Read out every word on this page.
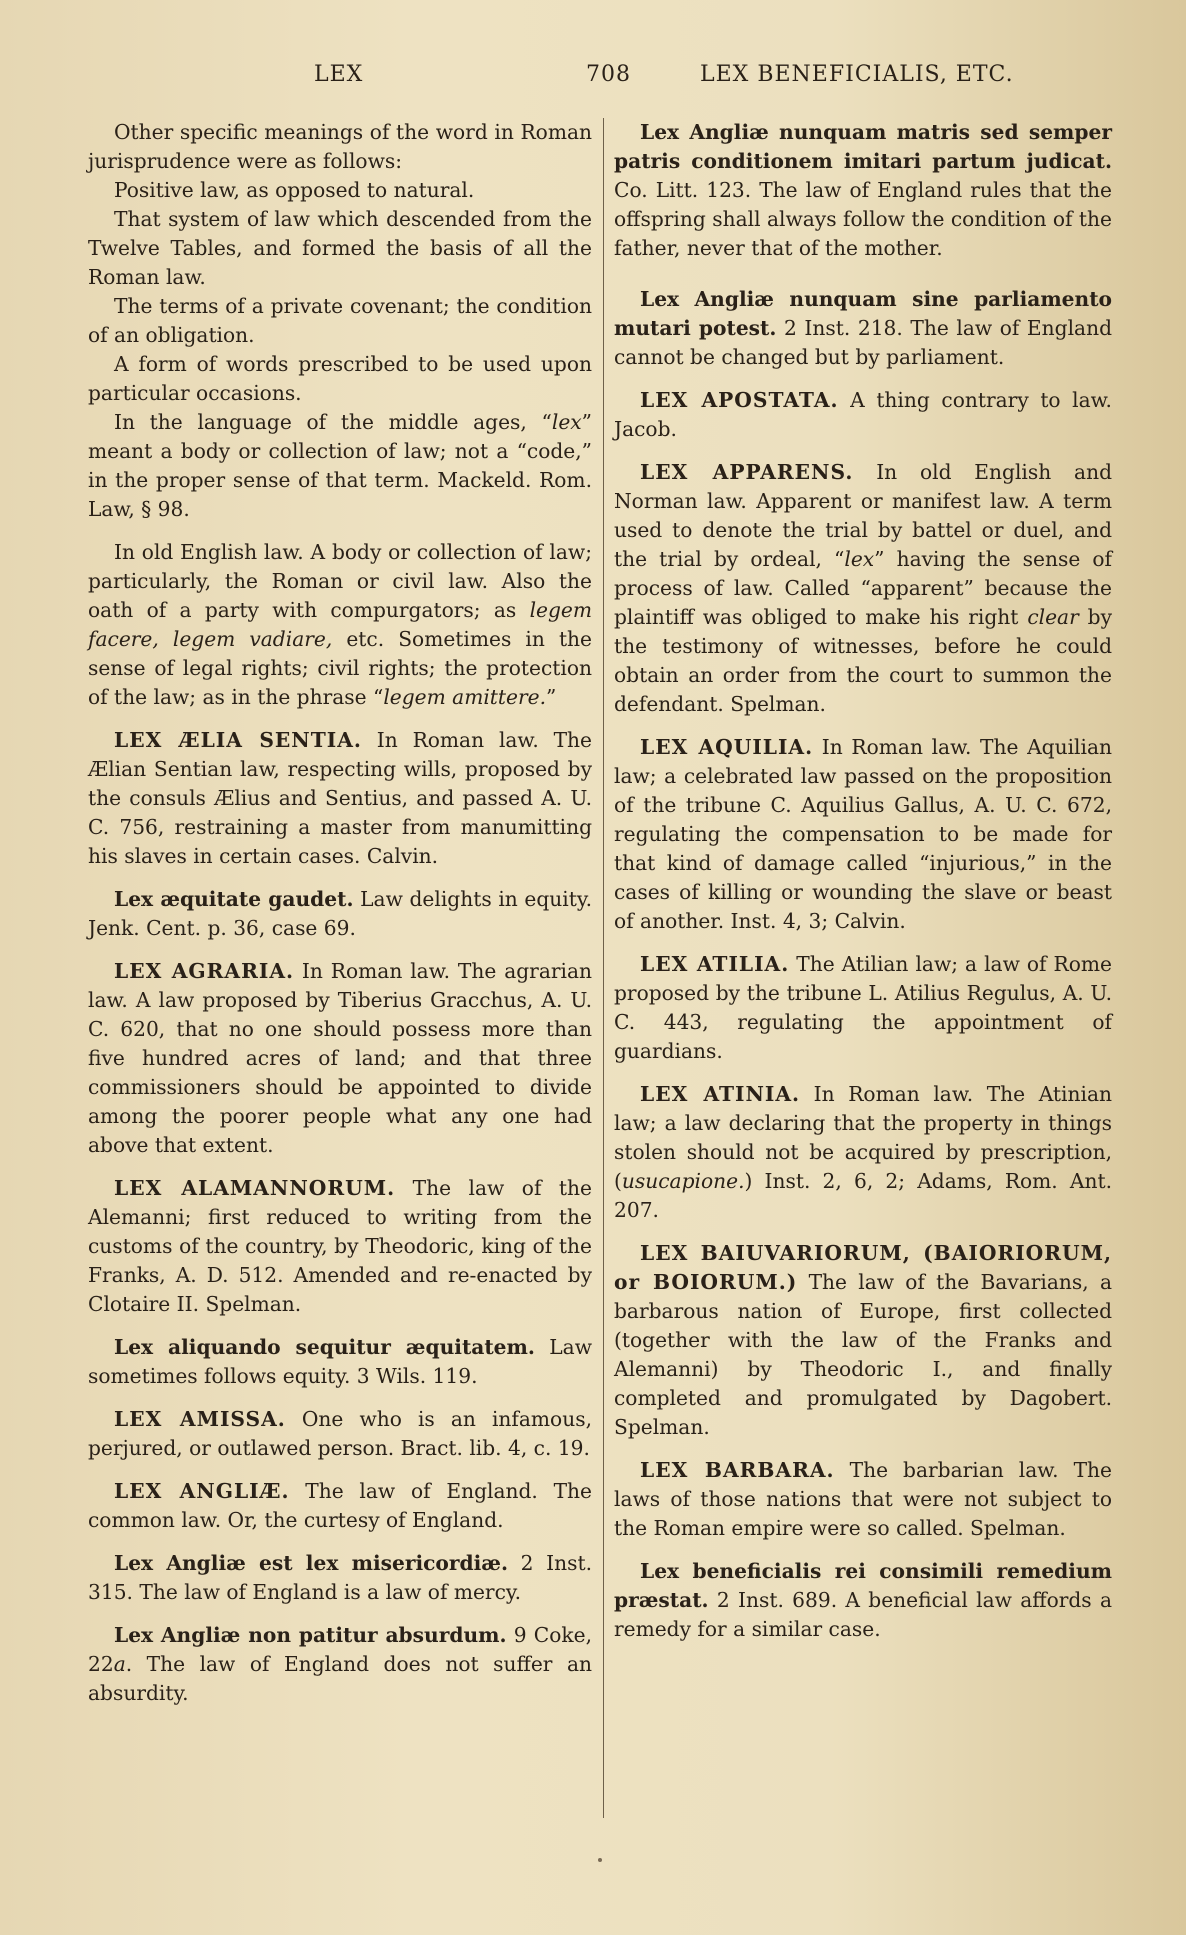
LEX	708	LEX BENEFICIALIS, ETC.

Other specific meanings of the word in Roman jurisprudence were as follows:

Positive law, as opposed to natural.

That system of law which descended from the Twelve Tables, and formed the basis of all the Roman law.

The terms of a private covenant; the condition of an obligation.

A form of words prescribed to be used upon particular occasions.

In the language of the middle ages, “lex” meant a body or collection of law; not a “code,” in the proper sense of that term. Mackeld. Rom. Law, § 98.

In old English law. A body or collection of law; particularly, the Roman or civil law. Also the oath of a party with compurgators; as legem facere, legem vadiare, etc. Sometimes in the sense of legal rights; civil rights; the protection of the law; as in the phrase “legem amittere.”

LEX ÆLIA SENTIA. In Roman law. The Ælian Sentian law, respecting wills, proposed by the consuls Ælius and Sentius, and passed A. U. C. 756, restraining a master from manumitting his slaves in certain cases. Calvin.

Lex æquitate gaudet. Law delights in equity. Jenk. Cent. p. 36, case 69.

LEX AGRARIA. In Roman law. The agrarian law. A law proposed by Tiberius Gracchus, A. U. C. 620, that no one should possess more than five hundred acres of land; and that three commissioners should be appointed to divide among the poorer people what any one had above that extent.

LEX ALAMANNORUM. The law of the Alemanni; first reduced to writing from the customs of the country, by Theodoric, king of the Franks, A. D. 512. Amended and re-enacted by Clotaire II. Spelman.

Lex aliquando sequitur æquitatem. Law sometimes follows equity. 3 Wils. 119.

LEX AMISSA. One who is an infamous, perjured, or outlawed person. Bract. lib. 4, c. 19.

LEX ANGLIÆ. The law of England. The common law. Or, the curtesy of England.

Lex Angliæ est lex misericordiæ. 2 Inst. 315. The law of England is a law of mercy.

Lex Angliæ non patitur absurdum. 9 Coke, 22a. The law of England does not suffer an absurdity.

Lex Angliæ nunquam matris sed semper patris conditionem imitari partum judicat. Co. Litt. 123. The law of England rules that the offspring shall always follow the condition of the father, never that of the mother.

Lex Angliæ nunquam sine parliamento mutari potest. 2 Inst. 218. The law of England cannot be changed but by parliament.

LEX APOSTATA. A thing contrary to law. Jacob.

LEX APPARENS. In old English and Norman law. Apparent or manifest law. A term used to denote the trial by battel or duel, and the trial by ordeal, “lex” having the sense of process of law. Called “apparent” because the plaintiff was obliged to make his right clear by the testimony of witnesses, before he could obtain an order from the court to summon the defendant. Spelman.

LEX AQUILIA. In Roman law. The Aquilian law; a celebrated law passed on the proposition of the tribune C. Aquilius Gallus, A. U. C. 672, regulating the compensation to be made for that kind of damage called “injurious,” in the cases of killing or wounding the slave or beast of another. Inst. 4, 3; Calvin.

LEX ATILIA. The Atilian law; a law of Rome proposed by the tribune L. Atilius Regulus, A. U. C. 443, regulating the appointment of guardians.

LEX ATINIA. In Roman law. The Atinian law; a law declaring that the property in things stolen should not be acquired by prescription, (usucapione.) Inst. 2, 6, 2; Adams, Rom. Ant. 207.

LEX BAIUVARIORUM, (BAIORIORUM, or BOIORUM.) The law of the Bavarians, a barbarous nation of Europe, first collected (together with the law of the Franks and Alemanni) by Theodoric I., and finally completed and promulgated by Dagobert. Spelman.

LEX BARBARA. The barbarian law. The laws of those nations that were not subject to the Roman empire were so called. Spelman.

Lex beneficialis rei consimili remedium præstat. 2 Inst. 689. A beneficial law affords a remedy for a similar case.
